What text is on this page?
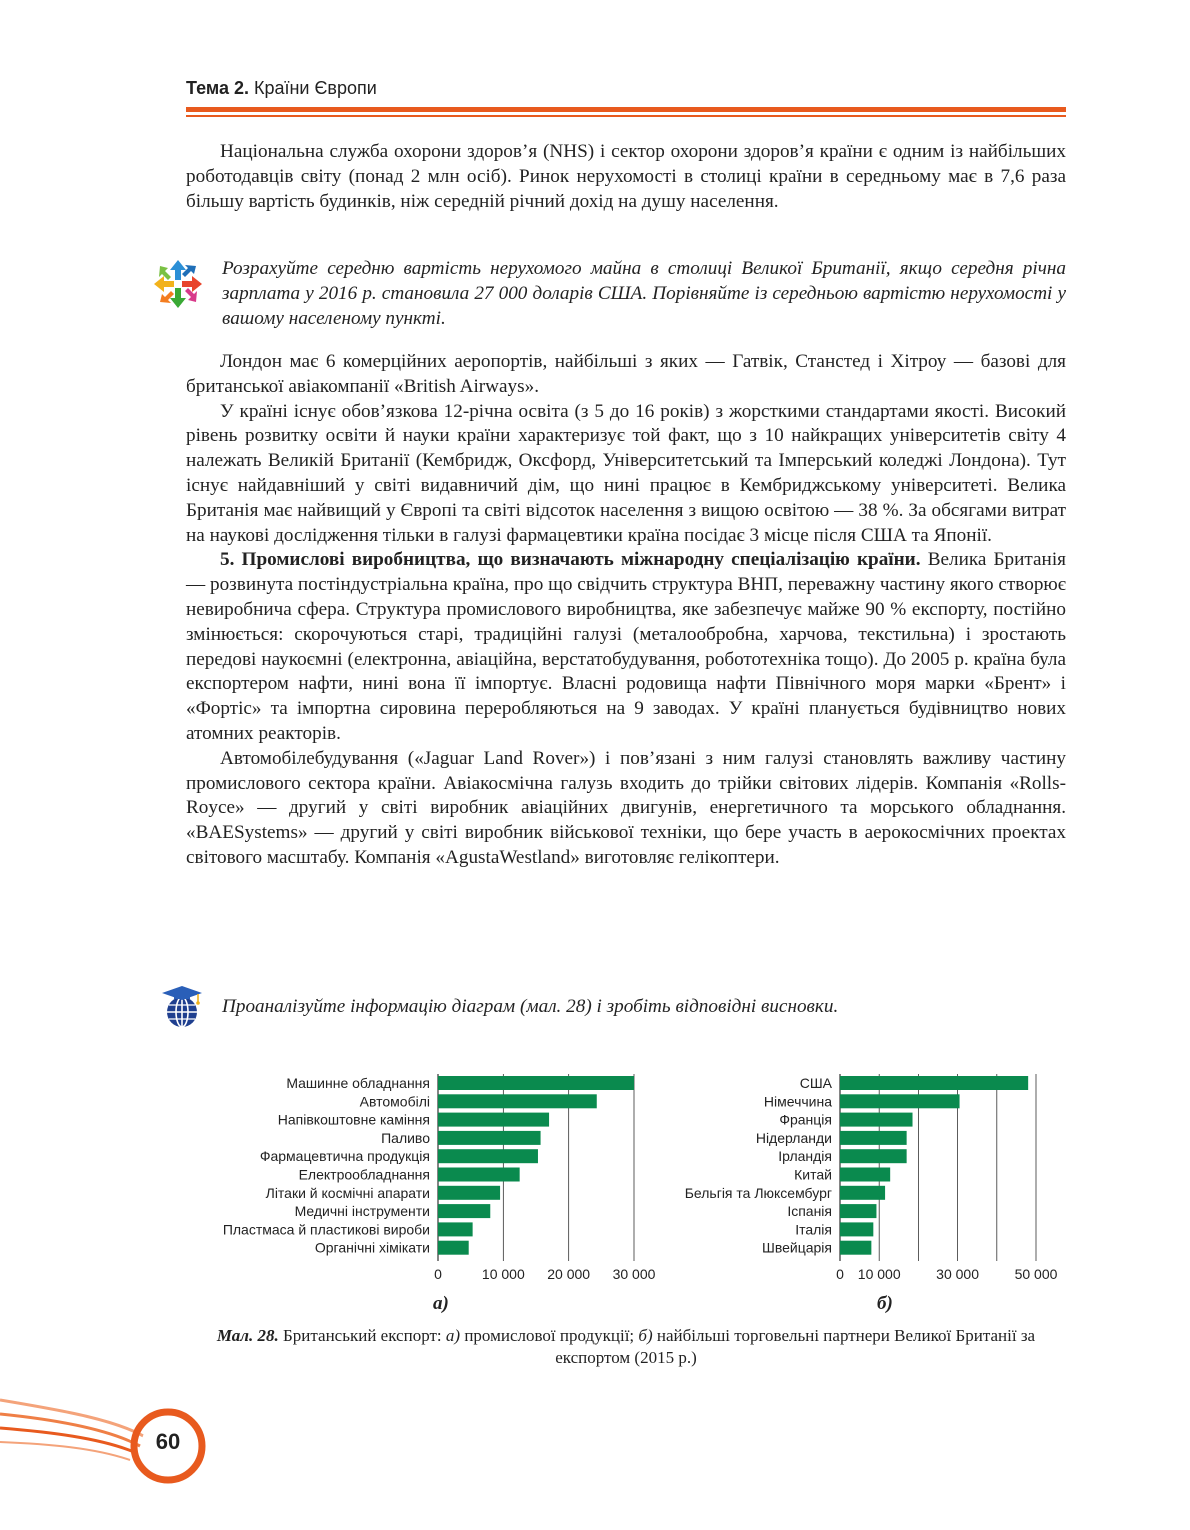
Тема 2. Країни Європи

Національна служба охорони здоров’я (NHS) і сектор охорони здоров’я країни є одним із найбільших роботодавців світу (понад 2 млн осіб). Ринок нерухомості в столиці країни в середньому має в 7,6 раза більшу вартість будинків, ніж середній річний дохід на душу населення.

Розрахуйте середню вартість нерухомого майна в столиці Великої Британії, якщо середня річна зарплата у 2016 р. становила 27 000 доларів США. Порівняйте із середньою вартістю нерухомості у вашому населеному пункті.

Лондон має 6 комерційних аеропортів, найбільші з яких — Гатвік, Станстед і Хітроу — базові для британської авіакомпанії «British Airways».

У країні існує обов’язкова 12-річна освіта (з 5 до 16 років) з жорсткими стандартами якості. Високий рівень розвитку освіти й науки країни характеризує той факт, що з 10 найкращих університетів світу 4 належать Великій Британії (Кембридж, Оксфорд, Університетський та Імперський коледжі Лондона). Тут існує найдавніший у світі видавничий дім, що нині працює в Кембриджському університеті. Велика Британія має найвищий у Європі та світі відсоток населення з вищою освітою — 38 %. За обсягами витрат на наукові дослідження тільки в галузі фармацевтики країна посідає 3 місце після США та Японії.

5. Промислові виробництва, що визначають міжнародну спеціалізацію країни. Велика Британія — розвинута постіндустріальна країна, про що свідчить структура ВНП, переважну частину якого створює невиробнича сфера. Структура промислового виробництва, яке забезпечує майже 90 % експорту, постійно змінюється: скорочуються старі, традиційні галузі (металообробна, харчова, текстильна) і зростають передові наукоємні (електронна, авіаційна, верстатобудування, робототехніка тощо). До 2005 р. країна була експортером нафти, нині вона її імпортує. Власні родовища нафти Північного моря марки «Брент» і «Фортіс» та імпортна сировина переробляються на 9 заводах. У країні планується будівництво нових атомних реакторів.

Автомобілебудування («Jaguar Land Rover») і пов’язані з ним галузі становлять важливу частину промислового сектора країни. Авіакосмічна галузь входить до трійки світових лідерів. Компанія «Rolls-Royce» — другий у світі виробник авіаційних двигунів, енергетичного та морського обладнання. «BAESystems» — другий у світі виробник військової техніки, що бере участь в аерокосмічних проектах світового масштабу. Компанія «AgustaWestland» виготовляє гелікоптери.

Проаналізуйте інформацію діаграм (мал. 28) і зробіть відповідні висновки.
0	10 000 20 000 30 000
Машинне обладнання
Автомобілі
Напівкоштовне каміння
Паливо
Фармацевтична продукція
Електрообладнання
Літаки й космічні апарати
Медичні інструменти
Пластмаса й пластикові вироби
Органічні хімікати
0 10 000	30 000	50 000
США
Німеччина
Франція
Нідерланди
Ірландія
Китай
Бельгія та Люксембург
Іспанія
Італія
Швейцарія
а)	б)
Мал. 28. Британський експорт: а) промислової продукції; б) найбільші торговельні партнери Великої Британії за експортом (2015 р.)
60
